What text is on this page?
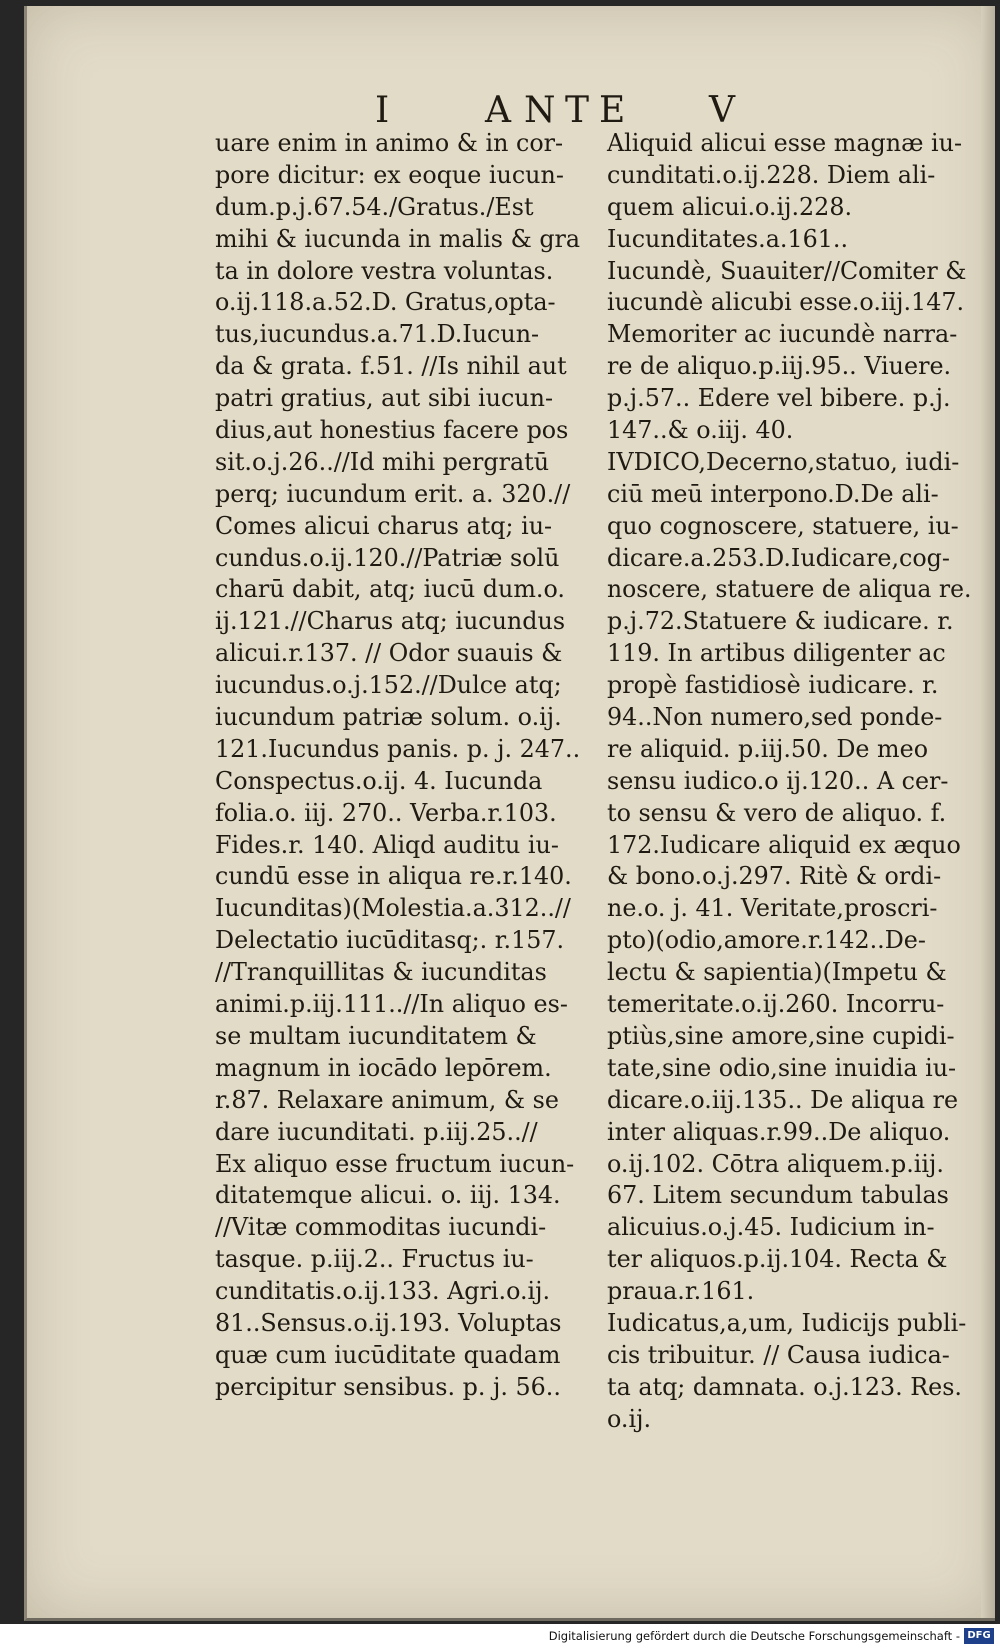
I	A N T E V
uare enim in animo & in cor-
pore dicitur: ex eoque iucun-
dum.p.j.67.54./Gratus./Est
mihi & iucunda in malis & gra
ta in dolore vestra voluntas.
o.ij.118.a.52.D. Gratus,opta-
tus,iucundus.a.71.D.Iucun-
da & grata. f.51. //Is nihil aut
patri gratius, aut sibi iucun-
dius,aut honestius facere pos
sit.o.j.26..//Id mihi pergratū
perq; iucundum erit. a. 320.//
Comes alicui charus atq; iu-
cundus.o.ij.120.//Patriæ solū
charū dabit, atq; iucū dum.o.
ij.121.//Charus atq; iucundus
alicui.r.137. // Odor suauis &
iucundus.o.j.152.//Dulce atq;
iucundum patriæ solum. o.ij.
121.Iucundus panis. p. j. 247..
Conspectus.o.ij. 4. Iucunda
folia.o. iij. 270.. Verba.r.103.
Fides.r. 140. Aliqd auditu iu-
cundū esse in aliqua re.r.140.
Iucunditas)(Molestia.a.312..//
Delectatio iucūditasq;. r.157.
//Tranquillitas & iucunditas
animi.p.iij.111..//In aliquo es-
se multam iucunditatem &
magnum in iocādo lepōrem.
r.87. Relaxare animum, & se
dare iucunditati. p.iij.25..//
Ex aliquo esse fructum iucun-
ditatemque alicui. o. iij. 134.
//Vitæ commoditas iucundi-
tasque. p.iij.2.. Fructus iu-
cunditatis.o.ij.133. Agri.o.ij.
81..Sensus.o.ij.193. Voluptas
quæ cum iucūditate quadam
percipitur sensibus. p. j. 56..
Aliquid alicui esse magnæ iu-
cunditati.o.ij.228. Diem ali-
quem alicui.o.ij.228.
Iucunditates.a.161..
Iucundè, Suauiter//Comiter &
iucundè alicubi esse.o.iij.147.
Memoriter ac iucundè narra-
re de aliquo.p.iij.95.. Viuere.
p.j.57.. Edere vel bibere. p.j.
147..& o.iij. 40.
IVDICO,Decerno,statuo, iudi-
ciū meū interpono.D.De ali-
quo cognoscere, statuere, iu-
dicare.a.253.D.Iudicare,cog-
noscere, statuere de aliqua re.
p.j.72.Statuere & iudicare. r.
119. In artibus diligenter ac
propè fastidiosè iudicare. r.
94..Non numero,sed ponde-
re aliquid. p.iij.50. De meo
sensu iudico.o ij.120.. A cer-
to sensu & vero de aliquo. f.
172.Iudicare aliquid ex æquo
& bono.o.j.297. Ritè & ordi-
ne.o. j. 41. Veritate,proscri-
pto)(odio,amore.r.142..De-
lectu & sapientia)(Impetu &
temeritate.o.ij.260. Incorru-
ptiùs,sine amore,sine cupidi-
tate,sine odio,sine inuidia iu-
dicare.o.iij.135.. De aliqua re
inter aliquas.r.99..De aliquo.
o.ij.102. Cōtra aliquem.p.iij.
67. Litem secundum tabulas
alicuius.o.j.45. Iudicium in-
ter aliquos.p.ij.104. Recta &
praua.r.161.
Iudicatus,a,um, Iudicijs publi-
cis tribuitur. // Causa iudica-
ta atq; damnata. o.j.123. Res.
o.ij.
Digitalisierung gefördert durch die Deutsche Forschungsgemeinschaft - DFG
